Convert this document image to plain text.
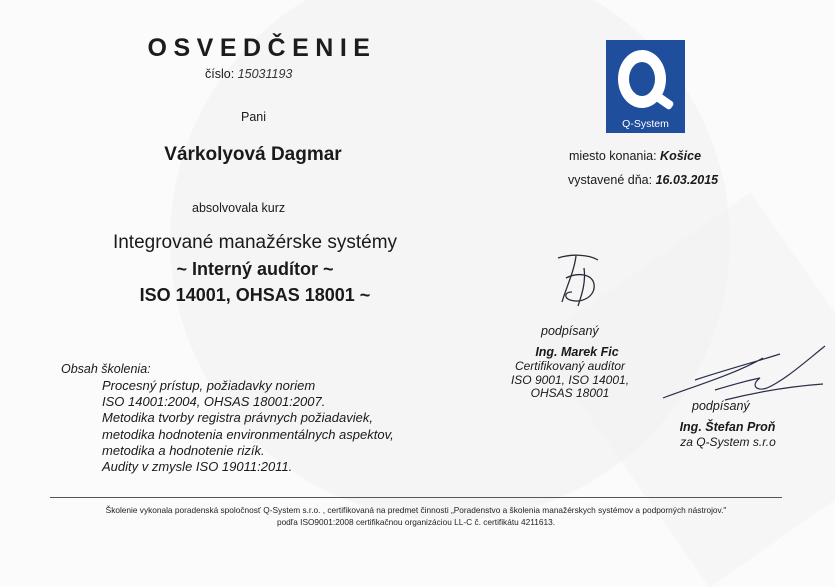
OSVEDČENIE
číslo: 15031193
Pani
Várkolyová Dagmar
absolvovala kurz
Integrované manažérske systémy
~ Interný audítor ~
ISO 14001, OHSAS 18001 ~
Obsah školenia:
Procesný prístup, požiadavky noriem
ISO 14001:2004, OHSAS 18001:2007.
Metodika tvorby registra právnych požiadaviek,
metodika hodnotenia environmentálnych aspektov,
metodika a hodnotenie rizík.
Audity v zmysle ISO 19011:2011.
Q-System
miesto konania: Košice
vystavené dňa: 16.03.2015
podpísaný
Ing. Marek Fic
Certifikovaný audítor
ISO 9001, ISO 14001,
OHSAS 18001
podpísaný
Ing. Štefan Proň
za Q-System s.r.o
Školenie vykonala poradenská spoločnosť Q-System s.r.o. , certifikovaná na predmet činnosti „Poradenstvo a školenia manažérskych systémov a podporných nástrojov."
podľa ISO9001:2008 certifikačnou organizáciou LL-C č. certifikátu 4211613.
